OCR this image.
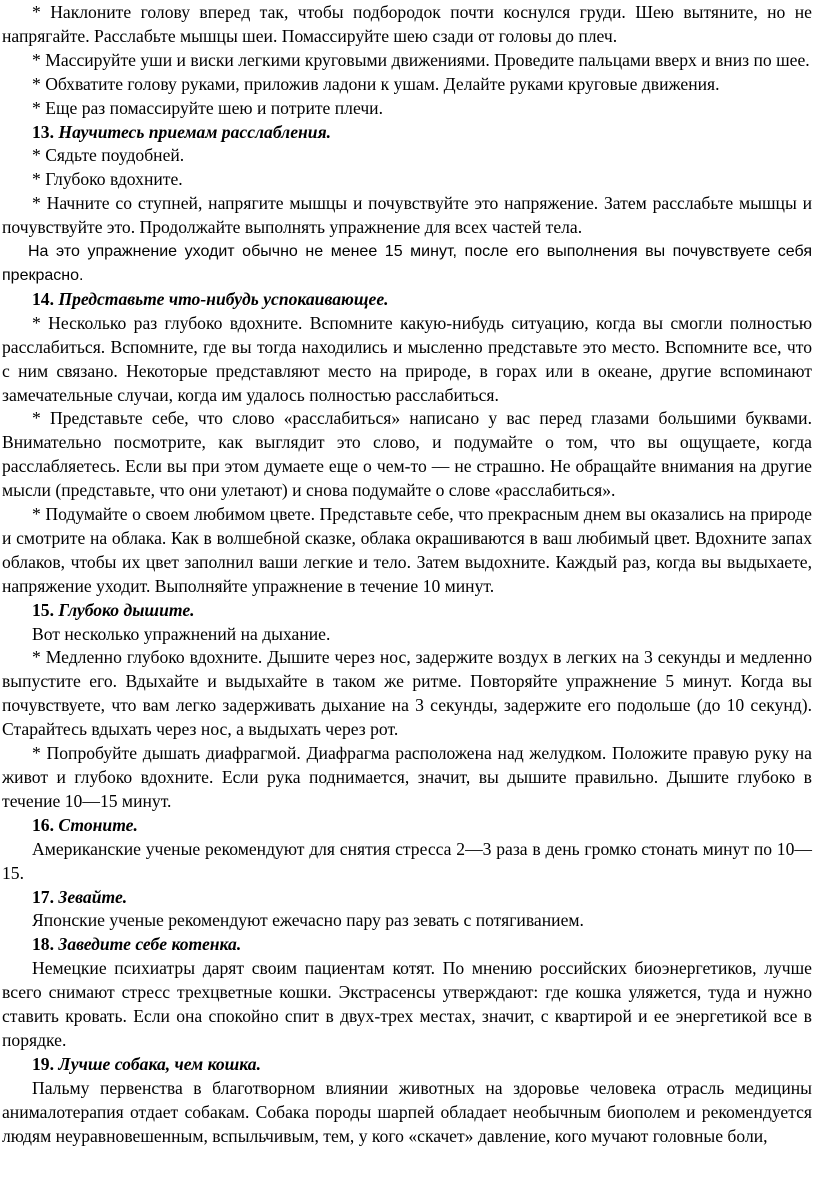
* Наклоните голову вперед так, чтобы подбородок почти коснулся груди. Шею вытяните, но не напрягайте. Расслабьте мышцы шеи. Помассируйте шею сзади от головы до плеч.

* Массируйте уши и виски легкими круговыми движениями. Проведите пальцами вверх и вниз по шее.

* Обхватите голову руками, приложив ладони к ушам. Делайте руками круговые движения.

* Еще раз помассируйте шею и потрите плечи.

13. Научитесь приемам расслабления.

* Сядьте поудобней.

* Глубоко вдохните.

* Начните со ступней, напрягите мышцы и почувствуйте это напряжение. Затем расслабьте мышцы и почувствуйте это. Продолжайте выполнять упражнение для всех частей тела.

На это упражнение уходит обычно не менее 15 минут, после его выполнения вы почувствуете себя прекрасно.

14. Представьте что-нибудь успокаивающее.

* Несколько раз глубоко вдохните. Вспомните какую-нибудь ситуацию, когда вы смогли полностью расслабиться. Вспомните, где вы тогда находились и мысленно представьте это место. Вспомните все, что с ним связано. Некоторые представляют место на природе, в горах или в океане, другие вспоминают замечательные случаи, когда им удалось полностью расслабиться.

* Представьте себе, что слово «расслабиться» написано у вас перед глазами большими буквами. Внимательно посмотрите, как выглядит это слово, и подумайте о том, что вы ощущаете, когда расслабляетесь. Если вы при этом думаете еще о чем-то — не страшно. Не обращайте внимания на другие мысли (представьте, что они улетают) и снова подумайте о слове «расслабиться».

* Подумайте о своем любимом цвете. Представьте себе, что прекрасным днем вы оказались на природе и смотрите на облака. Как в волшебной сказке, облака окрашиваются в ваш любимый цвет. Вдохните запах облаков, чтобы их цвет заполнил ваши легкие и тело. Затем выдохните. Каждый раз, когда вы выдыхаете, напряжение уходит. Выполняйте упражнение в течение 10 минут.

15. Глубоко дышите.

Вот несколько упражнений на дыхание.

* Медленно глубоко вдохните. Дышите через нос, задержите воздух в легких на 3 секунды и медленно выпустите его. Вдыхайте и выдыхайте в таком же ритме. Повторяйте упражнение 5 минут. Когда вы почувствуете, что вам легко задерживать дыхание на 3 секунды, задержите его подольше (до 10 секунд). Старайтесь вдыхать через нос, а выдыхать через рот.

* Попробуйте дышать диафрагмой. Диафрагма расположена над желудком. Положите правую руку на живот и глубоко вдохните. Если рука поднимается, значит, вы дышите правильно. Дышите глубоко в течение 10—15 минут.

16. Стоните.

Американские ученые рекомендуют для снятия стресса 2—3 раза в день громко стонать минут по 10—15.

17. Зевайте.

Японские ученые рекомендуют ежечасно пару раз зевать с потягиванием.

18. Заведите себе котенка.

Немецкие психиатры дарят своим пациентам котят. По мнению российских биоэнергетиков, лучше всего снимают стресс трехцветные кошки. Экстрасенсы утверждают: где кошка уляжется, туда и нужно ставить кровать. Если она спокойно спит в двух-трех местах, значит, с квартирой и ее энергетикой все в порядке.

19. Лучше собака, чем кошка.

Пальму первенства в благотворном влиянии животных на здоровье человека отрасль медицины анималотерапия отдает собакам. Собака породы шарпей обладает необычным биополем и рекомендуется людям неуравновешенным, вспыльчивым, тем, у кого «скачет» давление, кого мучают головные боли,
